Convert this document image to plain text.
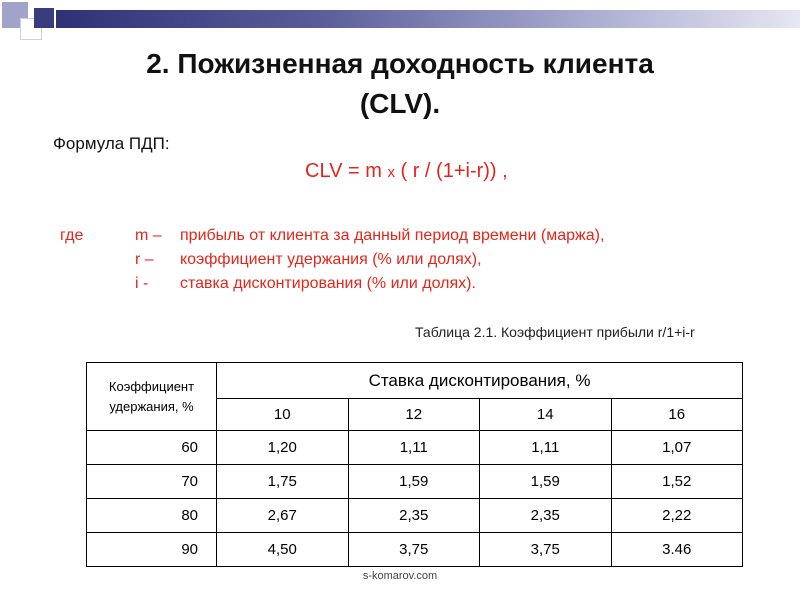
2. Пожизненная доходность клиента
(CLV).
Формула ПДП:
CLV = m x ( r / (1+i-r)) ,
где	m – прибыль от клиента за данный период времени (маржа),
r – коэффициент удержания (% или долях),
i - ставка дисконтирования (% или долях).
Таблица 2.1. Коэффициент прибыли r/1+i-r
Коэффициент
удержания, %	Ставка дисконтирования, %			
	10	12	14	16
60	1,20	1,11	1,11	1,07
70	1,75	1,59	1,59	1,52
80	2,67	2,35	2,35	2,22
90	4,50	3,75	3,75	3.46
s-komarov.com
